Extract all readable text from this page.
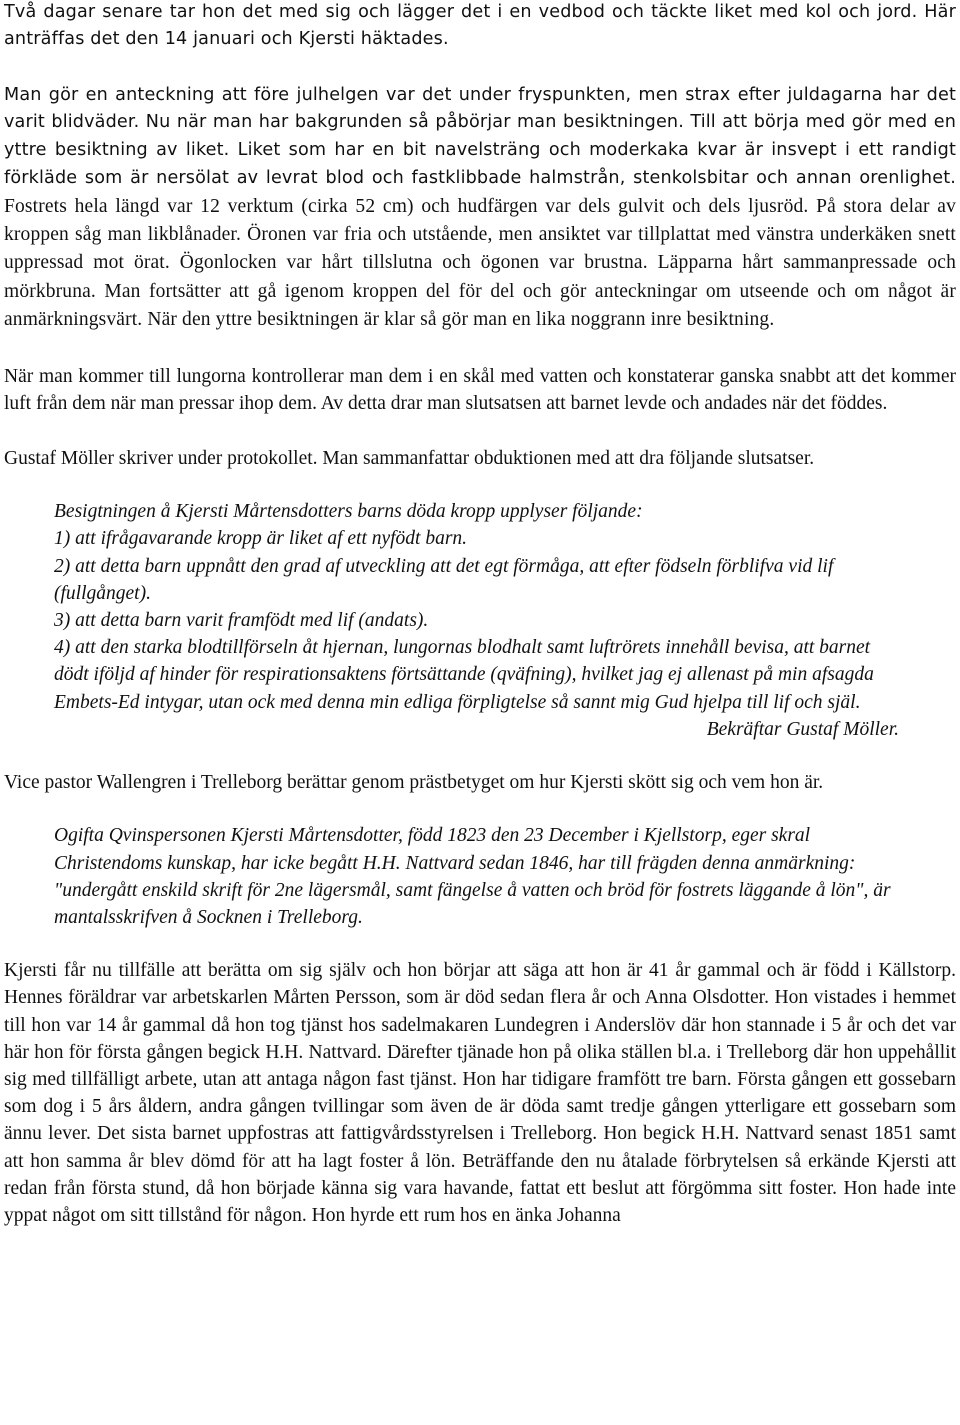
Två dagar senare tar hon det med sig och lägger det i en vedbod och täckte liket med kol och jord. Här anträffas det den 14 januari och Kjersti häktades.

Man gör en anteckning att före julhelgen var det under fryspunkten, men strax efter juldagarna har det varit blidväder. Nu när man har bakgrunden så påbörjar man besiktningen. Till att börja med gör med en yttre besiktning av liket. Liket som har en bit navelsträng och moderkaka kvar är insvept i ett randigt förkläde som är nersölat av levrat blod och fastklibbade halmstrån, stenkolsbitar och annan orenlighet. Fostrets hela längd var 12 verktum (cirka 52 cm) och hudfärgen var dels gulvit och dels ljusröd. På stora delar av kroppen såg man likblånader. Öronen var fria och utstående, men ansiktet var tillplattat med vänstra underkäken snett uppressad mot örat. Ögonlocken var hårt tillslutna och ögonen var brustna. Läpparna hårt sammanpressade och mörkbruna. Man fortsätter att gå igenom kroppen del för del och gör anteckningar om utseende och om något är anmärkningsvärt. När den yttre besiktningen är klar så gör man en lika noggrann inre besiktning.

När man kommer till lungorna kontrollerar man dem i en skål med vatten och konstaterar ganska snabbt att det kommer luft från dem när man pressar ihop dem. Av detta drar man slutsatsen att barnet levde och andades när det föddes.

Gustaf Möller skriver under protokollet. Man sammanfattar obduktionen med att dra följande slutsatser.

Besigtningen å Kjersti Mårtensdotters barns döda kropp upplyser följande:

1) att ifrågavarande kropp är liket af ett nyfödt barn.

2) att detta barn uppnått den grad af utveckling att det egt förmåga, att efter födseln förblifva vid lif (fullgånget).

3) att detta barn varit framfödt med lif (andats).

4) att den starka blodtillförseln åt hjernan, lungornas blodhalt samt luftrörets innehåll bevisa, att barnet dödt iföljd af hinder för respirationsaktens förtsättande (qväfning), hvilket jag ej allenast på min afsagda Embets-Ed intygar, utan ock med denna min edliga förpligtelse så sannt mig Gud hjelpa till lif och själ.

Bekräftar Gustaf Möller.

Vice pastor Wallengren i Trelleborg berättar genom prästbetyget om hur Kjersti skött sig och vem hon är.

Ogifta Qvinspersonen Kjersti Mårtensdotter, född 1823 den 23 December i Kjellstorp, eger skral Christendoms kunskap, har icke begått H.H. Nattvard sedan 1846, har till frägden denna anmärkning: "undergått enskild skrift för 2ne lägersmål, samt fängelse å vatten och bröd för fostrets läggande å lön", är mantalsskrifven å Socknen i Trelleborg.

Kjersti får nu tillfälle att berätta om sig själv och hon börjar att säga att hon är 41 år gammal och är född i Källstorp. Hennes föräldrar var arbetskarlen Mårten Persson, som är död sedan flera år och Anna Olsdotter. Hon vistades i hemmet till hon var 14 år gammal då hon tog tjänst hos sadelmakaren Lundegren i Anderslöv där hon stannade i 5 år och det var här hon för första gången begick H.H. Nattvard. Därefter tjänade hon på olika ställen bl.a. i Trelleborg där hon uppehållit sig med tillfälligt arbete, utan att antaga någon fast tjänst. Hon har tidigare framfött tre barn. Första gången ett gossebarn som dog i 5 års åldern, andra gången tvillingar som även de är döda samt tredje gången ytterligare ett gossebarn som ännu lever. Det sista barnet uppfostras att fattigvårdsstyrelsen i Trelleborg. Hon begick H.H. Nattvard senast 1851 samt att hon samma år blev dömd för att ha lagt foster å lön. Beträffande den nu åtalade förbrytelsen så erkände Kjersti att redan från första stund, då hon började känna sig vara havande, fattat ett beslut att förgömma sitt foster. Hon hade inte yppat något om sitt tillstånd för någon. Hon hyrde ett rum hos en änka Johanna
